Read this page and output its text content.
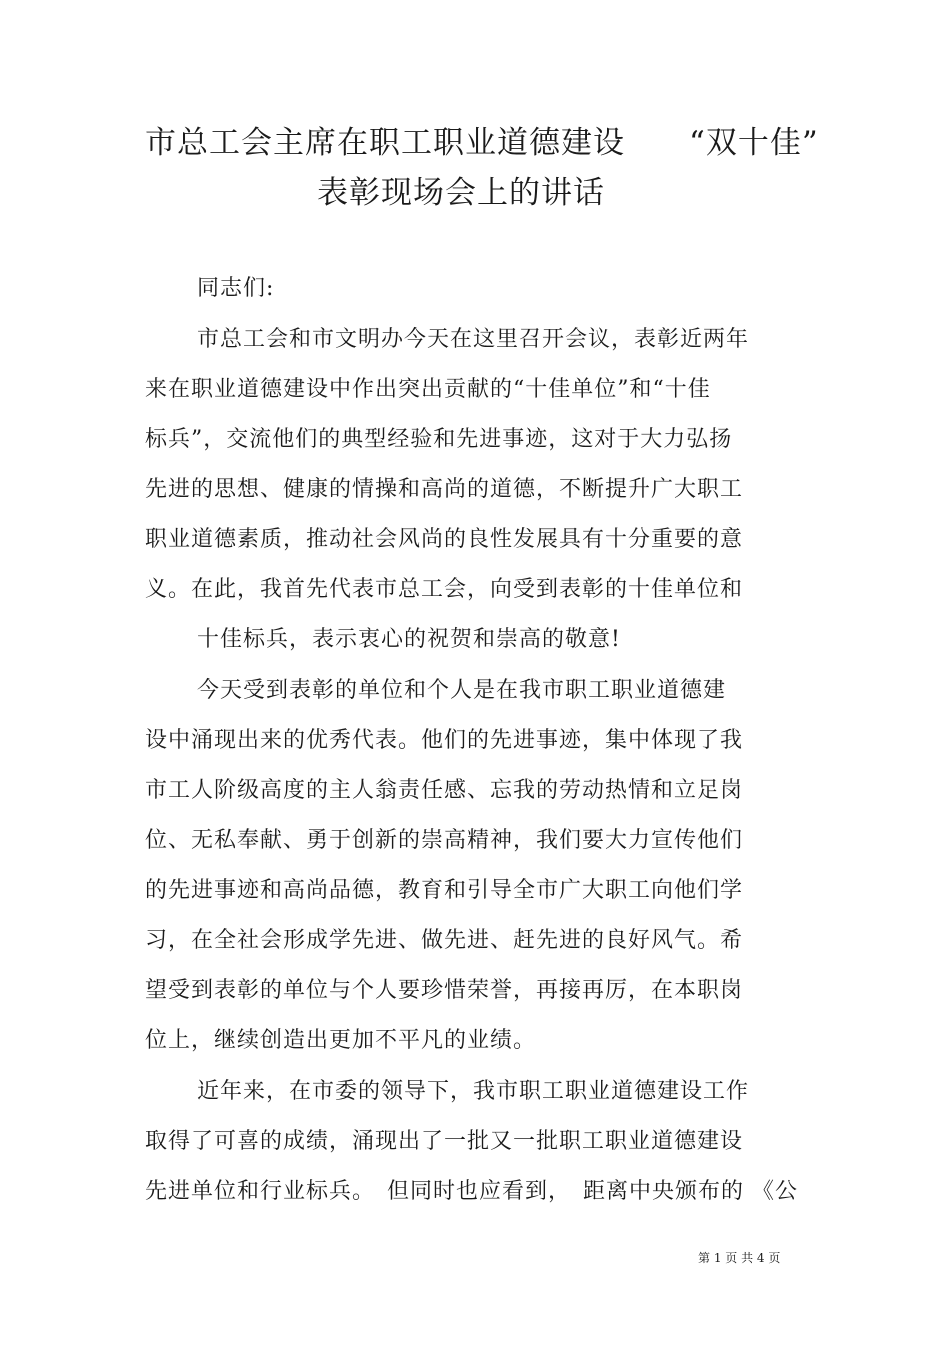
市总工会主席在职工职业道德建设　　“双十佳”
表彰现场会上的讲话
同志们:
市总工会和市文明办今天在这里召开会议，表彰近两年
来在职业道德建设中作出突出贡献的“十佳单位”和“十佳
标兵”，交流他们的典型经验和先进事迹，这对于大力弘扬
先进的思想、健康的情操和高尚的道德，不断提升广大职工
职业道德素质，推动社会风尚的良性发展具有十分重要的意
义。在此，我首先代表市总工会，向受到表彰的十佳单位和
十佳标兵，表示衷心的祝贺和崇高的敬意!
今天受到表彰的单位和个人是在我市职工职业道德建
设中涌现出来的优秀代表。他们的先进事迹，集中体现了我
市工人阶级高度的主人翁责任感、忘我的劳动热情和立足岗
位、无私奉献、勇于创新的崇高精神，我们要大力宣传他们
的先进事迹和高尚品德，教育和引导全市广大职工向他们学
习，在全社会形成学先进、做先进、赶先进的良好风气。希
望受到表彰的单位与个人要珍惜荣誉，再接再厉，在本职岗
位上，继续创造出更加不平凡的业绩。
近年来，在市委的领导下，我市职工职业道德建设工作
取得了可喜的成绩，涌现出了一批又一批职工职业道德建设
先进单位和行业标兵。　但同时也应看到，　距离中央颁布的 《公
第 1 页 共 4 页
